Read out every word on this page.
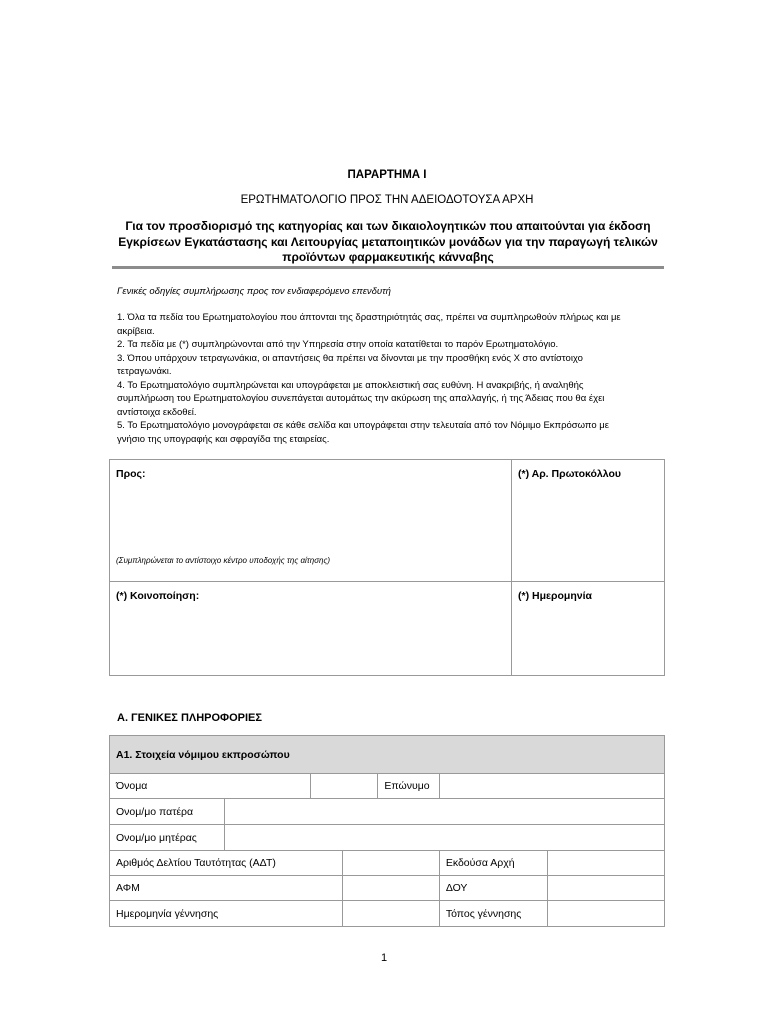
ΠΑΡΑΡΤΗΜΑ Ι
ΕΡΩΤΗΜΑΤΟΛΟΓΙΟ ΠΡΟΣ ΤΗΝ ΑΔΕΙΟΔΟΤΟΥΣΑ ΑΡΧΗ
Για τον προσδιορισμό της κατηγορίας και των δικαιολογητικών που απαιτούνται για έκδοση
Εγκρίσεων Εγκατάστασης και Λειτουργίας μεταποιητικών μονάδων για την παραγωγή τελικών
προϊόντων φαρμακευτικής κάνναβης
Γενικές οδηγίες συμπλήρωσης προς τον ενδιαφερόμενο επενδυτή

1. Όλα τα πεδία του Ερωτηματολογίου που άπτονται της δραστηριότητάς σας, πρέπει να συμπληρωθούν πλήρως και με

ακρίβεια.

2. Τα πεδία με (*) συμπληρώνονται από την Υπηρεσία στην οποία κατατίθεται το παρόν Ερωτηματολόγιο.

3. Όπου υπάρχουν τετραγωνάκια, οι απαντήσεις θα πρέπει να δίνονται με την προσθήκη ενός Χ στο αντίστοιχο

τετραγωνάκι.

4. Το Ερωτηματολόγιο συμπληρώνεται και υπογράφεται με αποκλειστική σας ευθύνη. Η ανακριβής, ή αναληθής

συμπλήρωση του Ερωτηματολογίου συνεπάγεται αυτομάτως την ακύρωση της απαλλαγής, ή της Άδειας που θα έχει

αντίστοιχα εκδοθεί.

5. Το Ερωτηματολόγιο μονογράφεται σε κάθε σελίδα και υπογράφεται στην τελευταία από τον Νόμιμο Εκπρόσωπο με

γνήσιο της υπογραφής και σφραγίδα της εταιρείας.

Προς:	(*) Αρ. Πρωτοκόλλου
(*) Κοινοποίηση:	(*) Ημερομηνία
(Συμπληρώνεται το αντίστοιχο κέντρο υποδοχής της αίτησης)
Α. ΓΕΝΙΚΕΣ ΠΛΗΡΟΦΟΡΙΕΣ
Α1. Στοιχεία νόμιμου εκπροσώπου						
Όνομα				Επώνυμο		
Ονομ/μο πατέρα						
Ονομ/μο μητέρας						
Αριθμός Δελτίου Ταυτότητας (ΑΔΤ)					Εκδούσα Αρχή	
ΑΦΜ					ΔΟΥ	
Ημερομηνία γέννησης					Τόπος γέννησης	
1
